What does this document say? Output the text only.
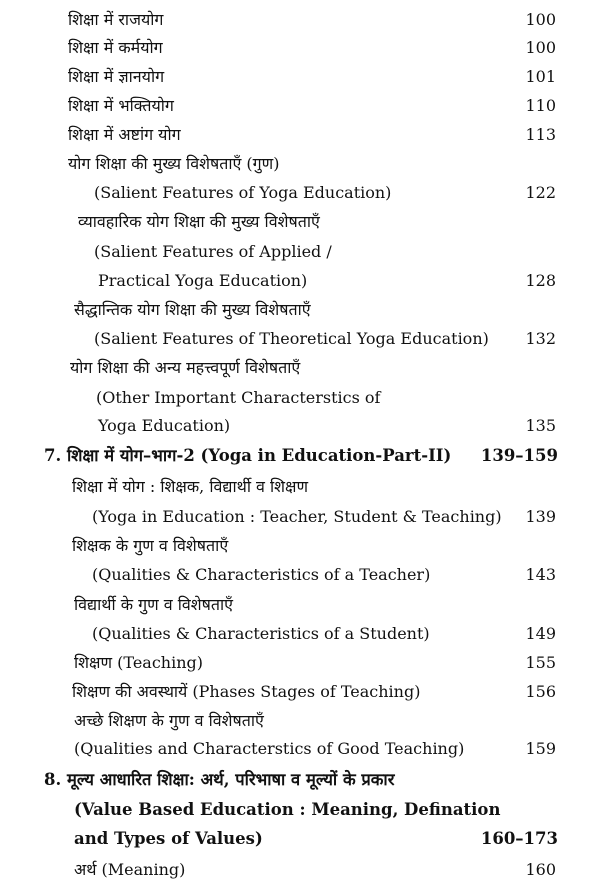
शिक्षा में राजयोग	100
शिक्षा में कर्मयोग	100
शिक्षा में ज्ञानयोग	101
शिक्षा में भक्तियोग	110
शिक्षा में अष्टांग योग	113
योग शिक्षा की मुख्य विशेषताएँ (गुण)
(Salient Features of Yoga Education)	122
व्यावहारिक योग शिक्षा की मुख्य विशेषताएँ
(Salient Features of Applied /
Practical Yoga Education)	128
सैद्धान्तिक योग शिक्षा की मुख्य विशेषताएँ
(Salient Features of Theoretical Yoga Education) 132
योग शिक्षा की अन्य महत्त्वपूर्ण विशेषताएँ
(Other Important Characterstics of
Yoga Education)	135
7. शिक्षा में योग–भाग-2 (Yoga in Education-Part-II) 139–159
शिक्षा में योग : शिक्षक, विद्यार्थी व शिक्षण
(Yoga in Education : Teacher, Student & Teaching) 139
शिक्षक के गुण व विशेषताएँ
(Qualities & Characteristics of a Teacher)	143
विद्यार्थी के गुण व विशेषताएँ
(Qualities & Characteristics of a Student)	149
शिक्षण (Teaching)	155
शिक्षण की अवस्थायें (Phases Stages of Teaching)	156
अच्छे शिक्षण के गुण व विशेषताएँ
(Qualities and Characterstics of Good Teaching)	159
8. मूल्य आधारित शिक्षा: अर्थ, परिभाषा व मूल्यों के प्रकार
(Value Based Education : Meaning, Defination
and Types of Values)	160–173
अर्थ (Meaning)	160
